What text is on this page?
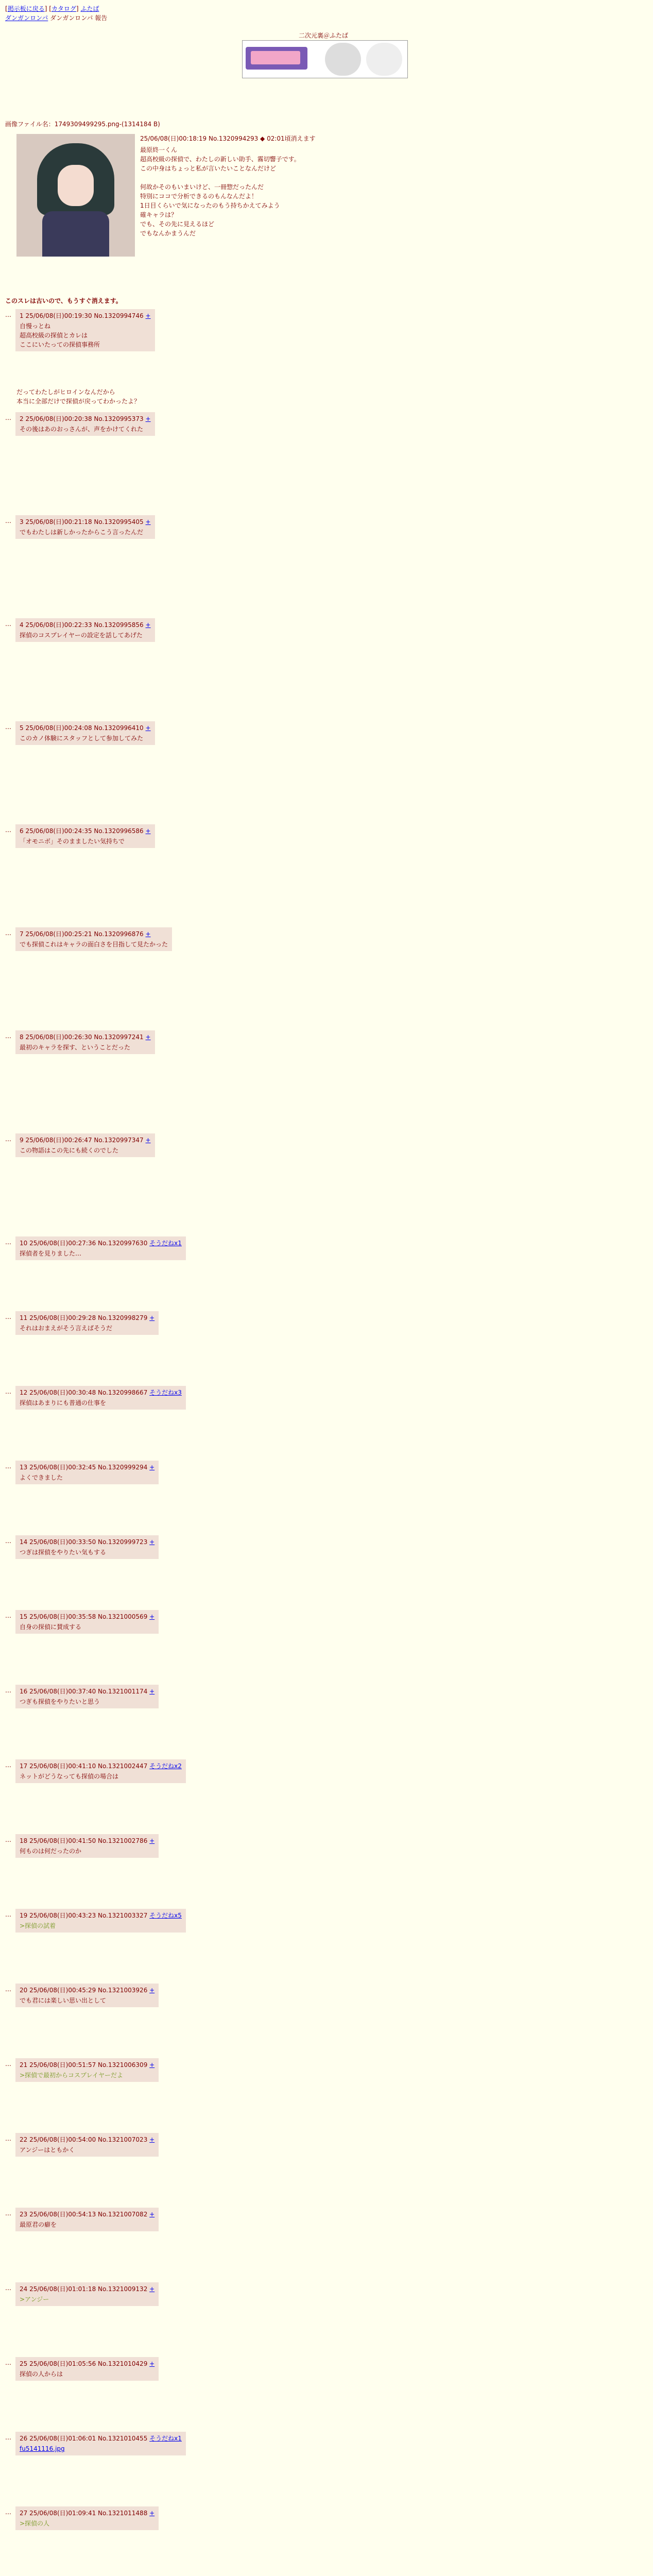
[掲示板に戻る] [カタログ] ふたば
ダンガンロンパ ダンガンロンパ 報告
二次元裏＠ふたば
画像ファイル名：1749309499295.png-(1314184 B)
25/06/08(日)00:18:19 No.1320994293 ◆ 02:01頃消えます
最原終一くん
超高校級の探偵で、わたしの新しい助手、霧切響子です。
この中身はちょっと私が言いたいことなんだけど

何故かそのもいまいけど、一冊惣だったんだ
特別にココで分析できるのもんなんだよ！
1日目くらいで気になったのもう持ちかえてみよう
確キャラは？
でも、その先に見えるほど
でもなんかまうんだ

だってわたしがヒロインなんだから
本当に全部だけで探偵が戻ってわかったよ？
このスレは古いので、もうすぐ消えます。
… 1 25/06/08(日)00:19:30 No.1320994746 +
自慢っとね
超高校級の探偵とカレは
ここにいたっての探偵事務所
… 2 25/06/08(日)00:20:38 No.1320995373 +
その後はあのおっさんが、声をかけてくれた
… 3 25/06/08(日)00:21:18 No.1320995405 +
でもわたしは新しかったからこう言ったんだ
… 4 25/06/08(日)00:22:33 No.1320995856 +
探偵のコスプレイヤーの設定を話してあげた
… 5 25/06/08(日)00:24:08 No.1320996410 +
このカノ体験にスタッフとして参加してみた
… 6 25/06/08(日)00:24:35 No.1320996586 +
「オモニボ」そのまましたい気持ちで
… 7 25/06/08(日)00:25:21 No.1320996876 +
でも探偵これはキャラの面白さを目指して見たかった
… 8 25/06/08(日)00:26:30 No.1320997241 +
最初のキャラを探す、ということだった
… 9 25/06/08(日)00:26:47 No.1320997347 +
この物語はこの先にも続くのでした
… 10 25/06/08(日)00:27:36 No.1320997630 そうだねx1
探偵者を見りました…
… 11 25/06/08(日)00:29:28 No.1320998279 +
それはおまえがそう言えばそうだ
… 12 25/06/08(日)00:30:48 No.1320998667 そうだねx3
探偵はあまりにも普通の仕事を
… 13 25/06/08(日)00:32:45 No.1320999294 +
よくできました
… 14 25/06/08(日)00:33:50 No.1320999723 +
つぎは探偵をやりたい気もする
… 15 25/06/08(日)00:35:58 No.1321000569 +
自身の探偵に賛成する
… 16 25/06/08(日)00:37:40 No.1321001174 +
つぎも探偵をやりたいと思う
… 17 25/06/08(日)00:41:10 No.1321002447 そうだねx2
ネットがどうなっても探偵の場合は
… 18 25/06/08(日)00:41:50 No.1321002786 +
何ものは何だったのか
… 19 25/06/08(日)00:43:23 No.1321003327 そうだねx5
>探偵の試着
… 20 25/06/08(日)00:45:29 No.1321003926 +
でも君には楽しい思い出として
… 21 25/06/08(日)00:51:57 No.1321006309 +
>探偵で最初からコスプレイヤーだよ
… 22 25/06/08(日)00:54:00 No.1321007023 +
アンジーはともかく
… 23 25/06/08(日)00:54:13 No.1321007082 +
最原君の癖を
… 24 25/06/08(日)01:01:18 No.1321009132 +
>アンジー
… 25 25/06/08(日)01:05:56 No.1321010429 +
探偵の人からは
… 26 25/06/08(日)01:06:01 No.1321010455 そうだねx1
fu5141116.jpg
… 27 25/06/08(日)01:09:41 No.1321011488 +
>探偵の人
